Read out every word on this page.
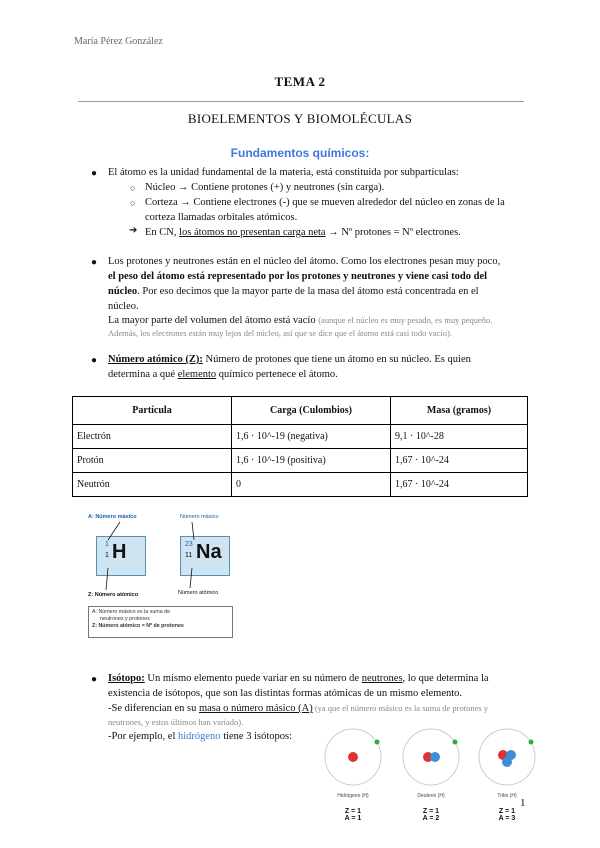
María Pérez González
TEMA 2
BIOELEMENTOS Y BIOMOLÉCULAS
Fundamentos químicos:
● El átomo es la unidad fundamental de la materia, está constituida por subpartículas:
○ Núcleo → Contiene protones (+) y neutrones (sin carga).
○ Corteza → Contiene electrones (-) que se mueven alrededor del núcleo en zonas de la
corteza llamadas orbitales atómicos.
➔ En CN, los átomos no presentan carga neta → Nº protones = Nº electrones.
● Los protones y neutrones están en el núcleo del átomo. Como los electrones pesan muy poco,
el peso del átomo está representado por los protones y neutrones y viene casi todo del
núcleo. Por eso decimos que la mayor parte de la masa del átomo está concentrada en el
núcleo.
La mayor parte del volumen del átomo está vacío (aunque el núcleo es muy pesado, es muy pequeño.
Además, los electrones están muy lejos del núcleo, así que se dice que el átomo está casi todo vacío).
● Número atómico (Z): Número de protones que tiene un átomo en su núcleo. Es quien
determina a qué elemento químico pertenece el átomo.
Partícula	Carga (Culombios)	Masa (gramos)
Electrón	1,6 · 10^-19 (negativa)	9,1 · 10^-28
Protón	1,6 · 10^-19 (positiva)	1,67 · 10^-24
Neutrón	0	1,67 · 10^-24
A: Número másico	Número másico
1
1 H	23
11 Na
Z: Número atómico	Número atómico
A: Número másico es la suma de
neutrones y protones
Z: Número atómico = Nº de protones
● Isótopo: Un mismo elemento puede variar en su número de neutrones, lo que determina la
existencia de isótopos, que son las distintas formas atómicas de un mismo elemento.
-Se diferencian en su masa o número másico (A) (ya que el número másico es la suma de protones y
neutrones, y estos últimos han variado).
-Por ejemplo, el hidrógeno tiene 3 isótopos:
Hidrógeno (H)
Z = 1
A = 1
Deuterio (H)
Z = 1
A = 2
Tritio (H)
Z = 1
A = 3
1
